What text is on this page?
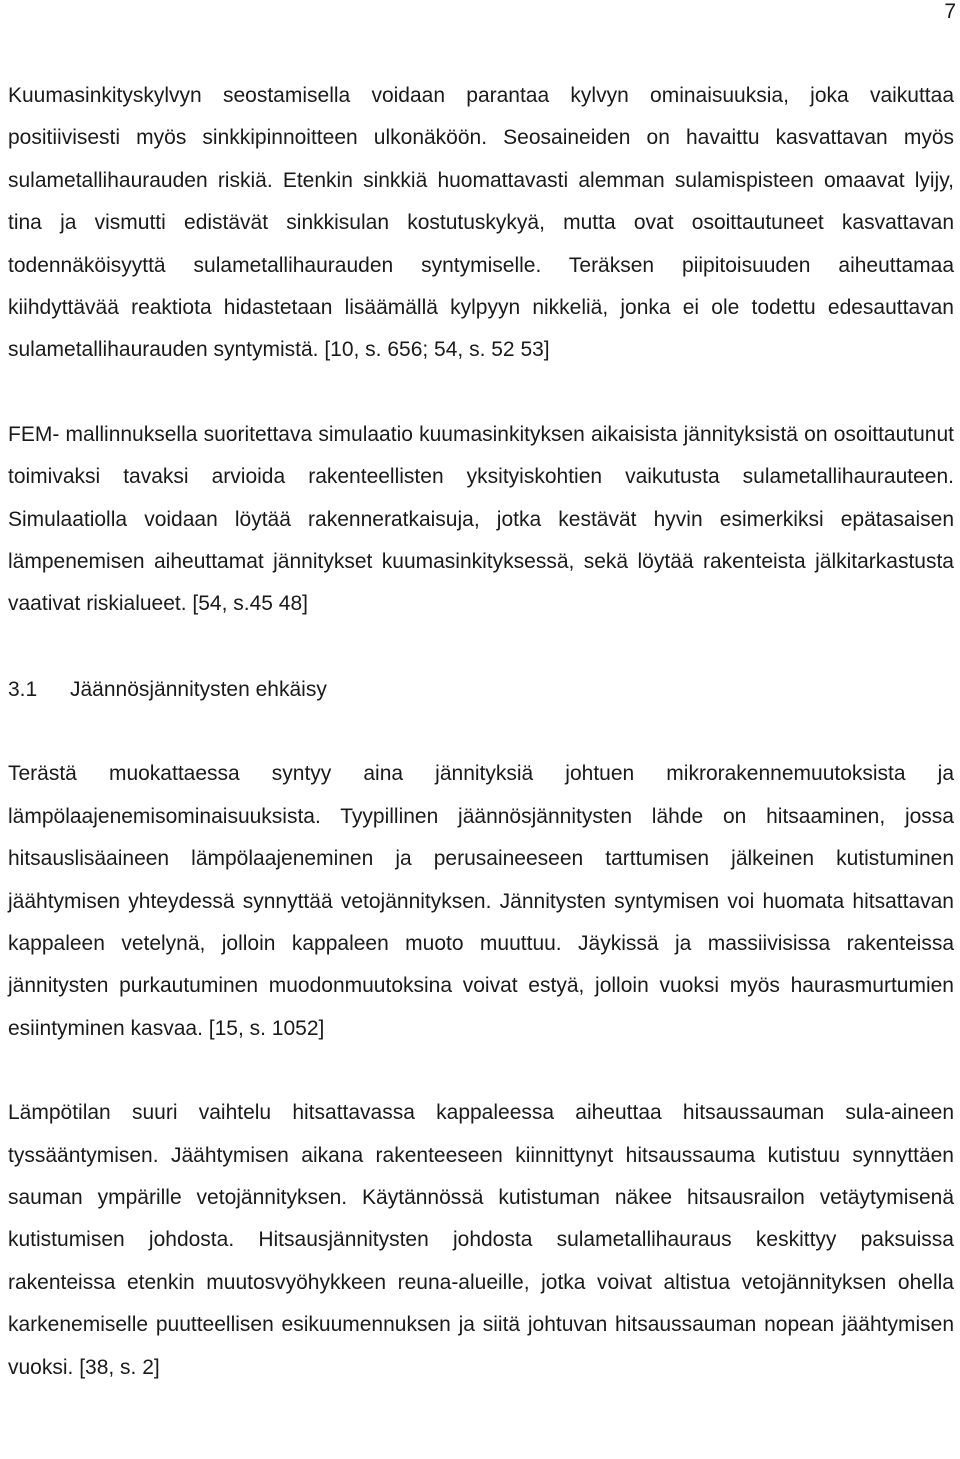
7

Kuumasinkityskylvyn seostamisella voidaan parantaa kylvyn ominaisuuksia, joka vaikuttaa positiivisesti myös sinkkipinnoitteen ulkonäköön. Seosaineiden on havaittu kasvattavan myös sulametallihaurauden riskiä. Etenkin sinkkiä huomattavasti alemman sulamispisteen omaavat lyijy, tina ja vismutti edistävät sinkkisulan kostutuskykyä, mutta ovat osoittautuneet kasvattavan todennäköisyyttä sulametallihaurauden syntymiselle. Teräksen piipitoisuuden aiheuttamaa kiihdyttävää reaktiota hidastetaan lisäämällä kylpyyn nikkeliä, jonka ei ole todettu edesauttavan sulametallihaurauden syntymistä. [10, s. 656; 54, s. 52 53]

FEM- mallinnuksella suoritettava simulaatio kuumasinkityksen aikaisista jännityksistä on osoittautunut toimivaksi tavaksi arvioida rakenteellisten yksityiskohtien vaikutusta sulametallihaurauteen. Simulaatiolla voidaan löytää rakenneratkaisuja, jotka kestävät hyvin esimerkiksi epätasaisen lämpenemisen aiheuttamat jännitykset kuumasinkityksessä, sekä löytää rakenteista jälkitarkastusta vaativat riskialueet. [54, s.45 48]

3.1	Jäännösjännitysten ehkäisy

Terästä muokattaessa syntyy aina jännityksiä johtuen mikrorakennemuutoksista ja lämpölaajenemisominaisuuksista. Tyypillinen jäännösjännitysten lähde on hitsaaminen, jossa hitsauslisäaineen lämpölaajeneminen ja perusaineeseen tarttumisen jälkeinen kutistuminen jäähtymisen yhteydessä synnyttää vetojännityksen. Jännitysten syntymisen voi huomata hitsattavan kappaleen vetelynä, jolloin kappaleen muoto muuttuu. Jäykissä ja massiivisissa rakenteissa jännitysten purkautuminen muodonmuutoksina voivat estyä, jolloin vuoksi myös haurasmurtumien esiintyminen kasvaa. [15, s. 1052]

Lämpötilan suuri vaihtelu hitsattavassa kappaleessa aiheuttaa hitsaussauman sula-aineen tyssääntymisen. Jäähtymisen aikana rakenteeseen kiinnittynyt hitsaussauma kutistuu synnyttäen sauman ympärille vetojännityksen. Käytännössä kutistuman näkee hitsausrailon vetäytymisenä kutistumisen johdosta. Hitsausjännitysten johdosta sulametallihauraus keskittyy paksuissa rakenteissa etenkin muutosvyöhykkeen reuna-alueille, jotka voivat altistua vetojännityksen ohella karkenemiselle puutteellisen esikuumennuksen ja siitä johtuvan hitsaussauman nopean jäähtymisen vuoksi. [38, s. 2]
